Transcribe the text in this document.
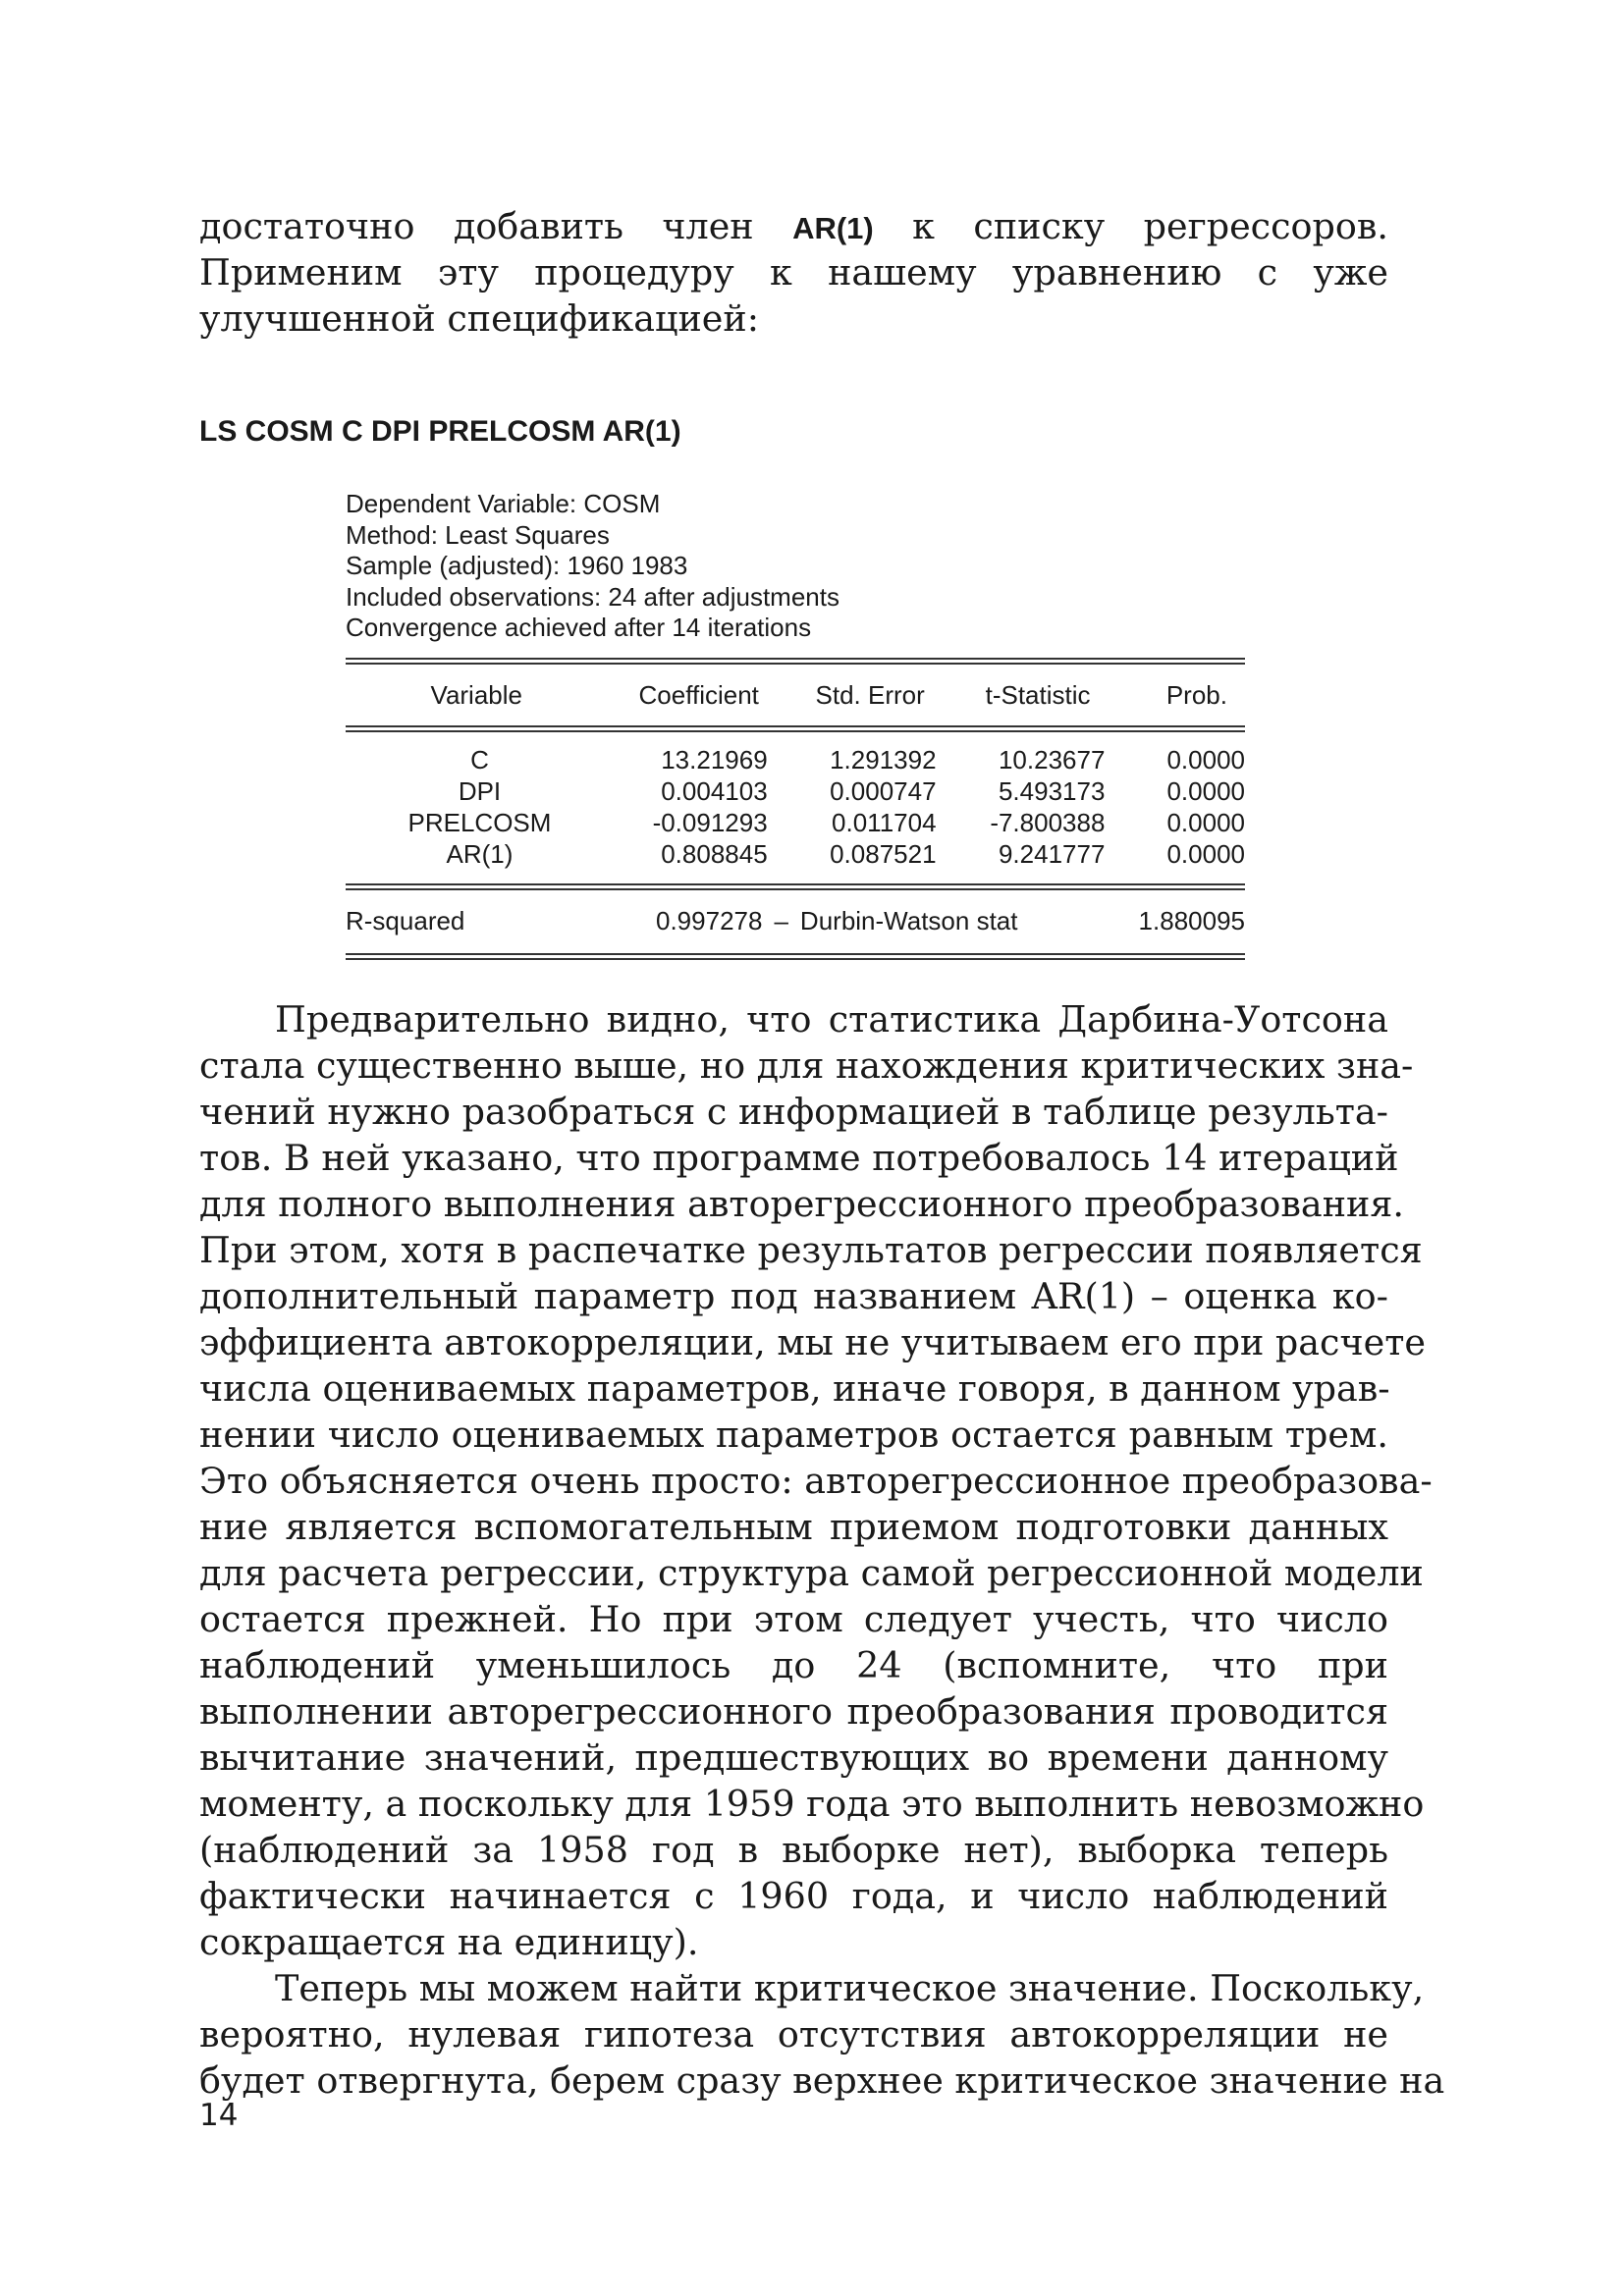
достаточно добавить член AR(1) к списку регрессоров.
Применим эту процедуру к нашему уравнению с уже
улучшенной спецификацией:
LS COSM C DPI PRELCOSM AR(1)
Dependent Variable: COSM
Method: Least Squares
Sample (adjusted): 1960 1983
Included observations: 24 after adjustments
Convergence achieved after 14 iterations
Variable	Coefficient	Std. Error	t-Statistic	Prob.
C	13.21969	1.291392	10.23677	0.0000
DPI	0.004103	0.000747	5.493173	0.0000
PRELCOSM	-0.091293	0.011704	-7.800388	0.0000
AR(1)	0.808845	0.087521	9.241777	0.0000
R-squared	0.997278 – Durbin-Watson stat	1.880095
Предварительно видно, что статистика Дарбина-Уотсона
стала существенно выше, но для нахождения критических зна-
чений нужно разобраться с информацией в таблице результа-
тов. В ней указано, что программе потребовалось 14 итераций
для полного выполнения авторегрессионного преобразования.
При этом, хотя в распечатке результатов регрессии появляется
дополнительный параметр под названием AR(1) – оценка ко-
эффициента автокорреляции, мы не учитываем его при расчете
числа оцениваемых параметров, иначе говоря, в данном урав-
нении число оцениваемых параметров остается равным трем.
Это объясняется очень просто: авторегрессионное преобразова-
ние является вспомогательным приемом подготовки данных
для расчета регрессии, структура самой регрессионной модели
остается прежней. Но при этом следует учесть, что число
наблюдений уменьшилось до 24 (вспомните, что при
выполнении авторегрессионного преобразования проводится
вычитание значений, предшествующих во времени данному
моменту, а поскольку для 1959 года это выполнить невозможно
(наблюдений за 1958 год в выборке нет), выборка теперь
фактически начинается с 1960 года, и число наблюдений
сокращается на единицу).
Теперь мы можем найти критическое значение. Поскольку,
вероятно, нулевая гипотеза отсутствия автокорреляции не
будет отвергнута, берем сразу верхнее критическое значение на
14
